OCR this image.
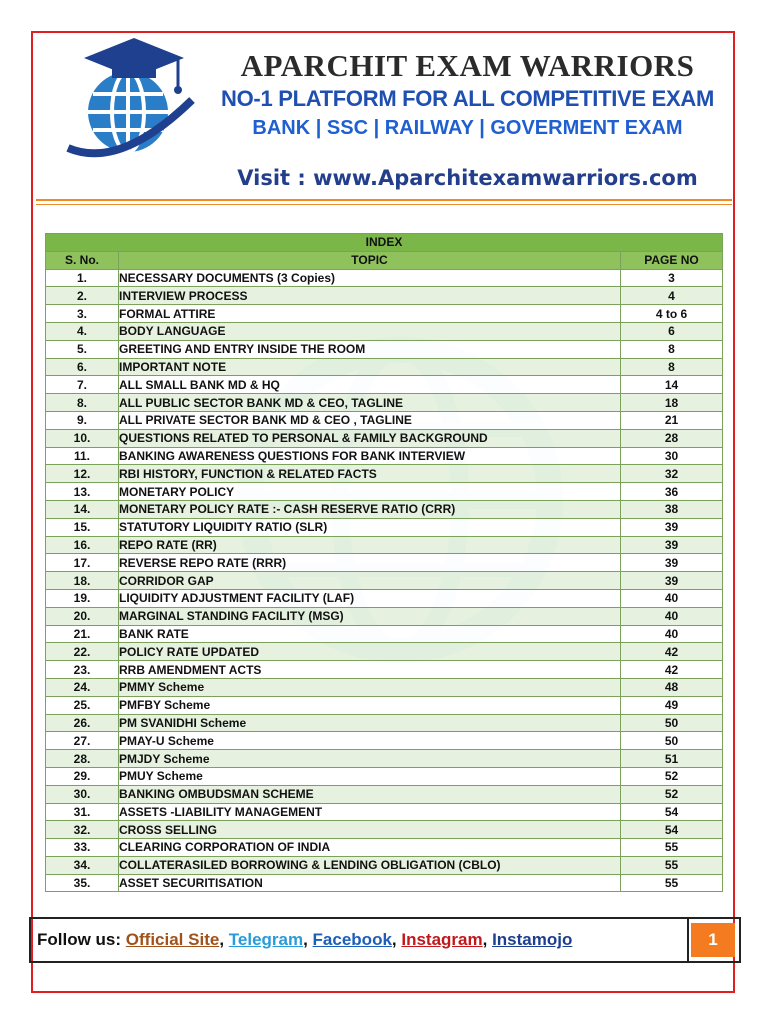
APARCHIT EXAM WARRIORS
NO-1 PLATFORM FOR ALL COMPETITIVE EXAM
BANK | SSC | RAILWAY | GOVERMENT EXAM
Visit : www.Aparchitexamwarriors.com
INDEX		
S. No.	TOPIC	PAGE NO
1.	NECESSARY DOCUMENTS (3 Copies)	3
2.	INTERVIEW PROCESS	4
3.	FORMAL ATTIRE	4 to 6
4.	BODY LANGUAGE	6
5.	GREETING AND ENTRY INSIDE THE ROOM	8
6.	IMPORTANT NOTE	8
7.	ALL SMALL BANK MD & HQ	14
8.	ALL PUBLIC SECTOR BANK MD & CEO, TAGLINE	18
9.	ALL PRIVATE SECTOR BANK MD & CEO , TAGLINE	21
10.	QUESTIONS RELATED TO PERSONAL & FAMILY BACKGROUND	28
11.	BANKING AWARENESS QUESTIONS FOR BANK INTERVIEW	30
12.	RBI HISTORY, FUNCTION & RELATED FACTS	32
13.	MONETARY POLICY	36
14.	MONETARY POLICY RATE :- CASH RESERVE RATIO (CRR)	38
15.	STATUTORY LIQUIDITY RATIO (SLR)	39
16.	REPO RATE (RR)	39
17.	REVERSE REPO RATE (RRR)	39
18.	CORRIDOR GAP	39
19.	LIQUIDITY ADJUSTMENT FACILITY (LAF)	40
20.	MARGINAL STANDING FACILITY (MSG)	40
21.	BANK RATE	40
22.	POLICY RATE UPDATED	42
23.	RRB AMENDMENT ACTS	42
24.	PMMY Scheme	48
25.	PMFBY Scheme	49
26.	PM SVANIDHI Scheme	50
27.	PMAY-U Scheme	50
28.	PMJDY Scheme	51
29.	PMUY Scheme	52
30.	BANKING OMBUDSMAN SCHEME	52
31.	ASSETS -LIABILITY MANAGEMENT	54
32.	CROSS SELLING	54
33.	CLEARING CORPORATION OF INDIA	55
34.	COLLATERASILED BORROWING & LENDING OBLIGATION (CBLO)	55
35.	ASSET SECURITISATION	55
Follow us: Official Site, Telegram, Facebook, Instagram, Instamojo	1
